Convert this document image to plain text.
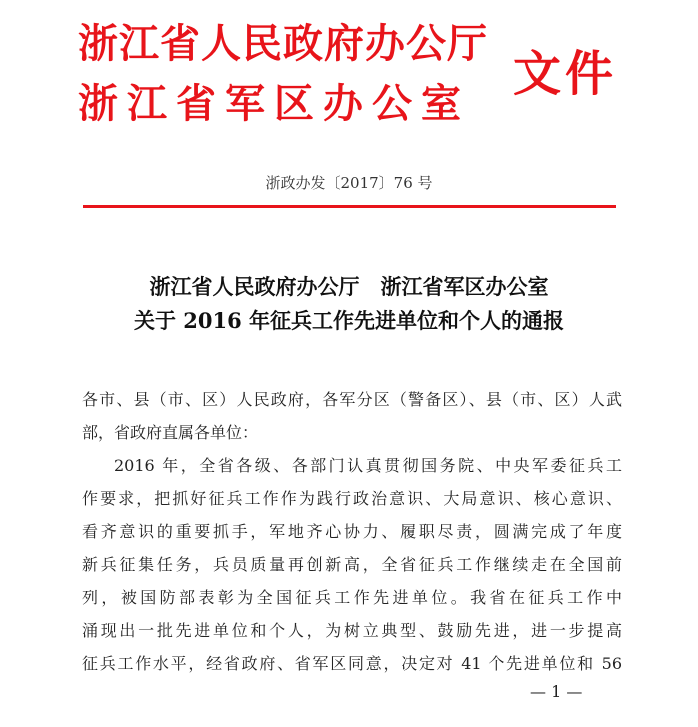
浙江省人民政府办公厅
浙江省军区办公室
文件
浙政办发〔2017〕76 号
浙江省人民政府办公厅　浙江省军区办公室
关于 2016 年征兵工作先进单位和个人的通报

各市、县（市、区）人民政府，各军分区（警备区）、县（市、区）人武
部，省政府直属各单位：

2016 年，全省各级、各部门认真贯彻国务院、中央军委征兵工
作要求，把抓好征兵工作作为践行政治意识、大局意识、核心意识、
看齐意识的重要抓手，军地齐心协力、履职尽责，圆满完成了年度
新兵征集任务，兵员质量再创新高，全省征兵工作继续走在全国前
列，被国防部表彰为全国征兵工作先进单位。我省在征兵工作中
涌现出一批先进单位和个人，为树立典型、鼓励先进，进一步提高
征兵工作水平，经省政府、省军区同意，决定对 41 个先进单位和 56

— 1 —
